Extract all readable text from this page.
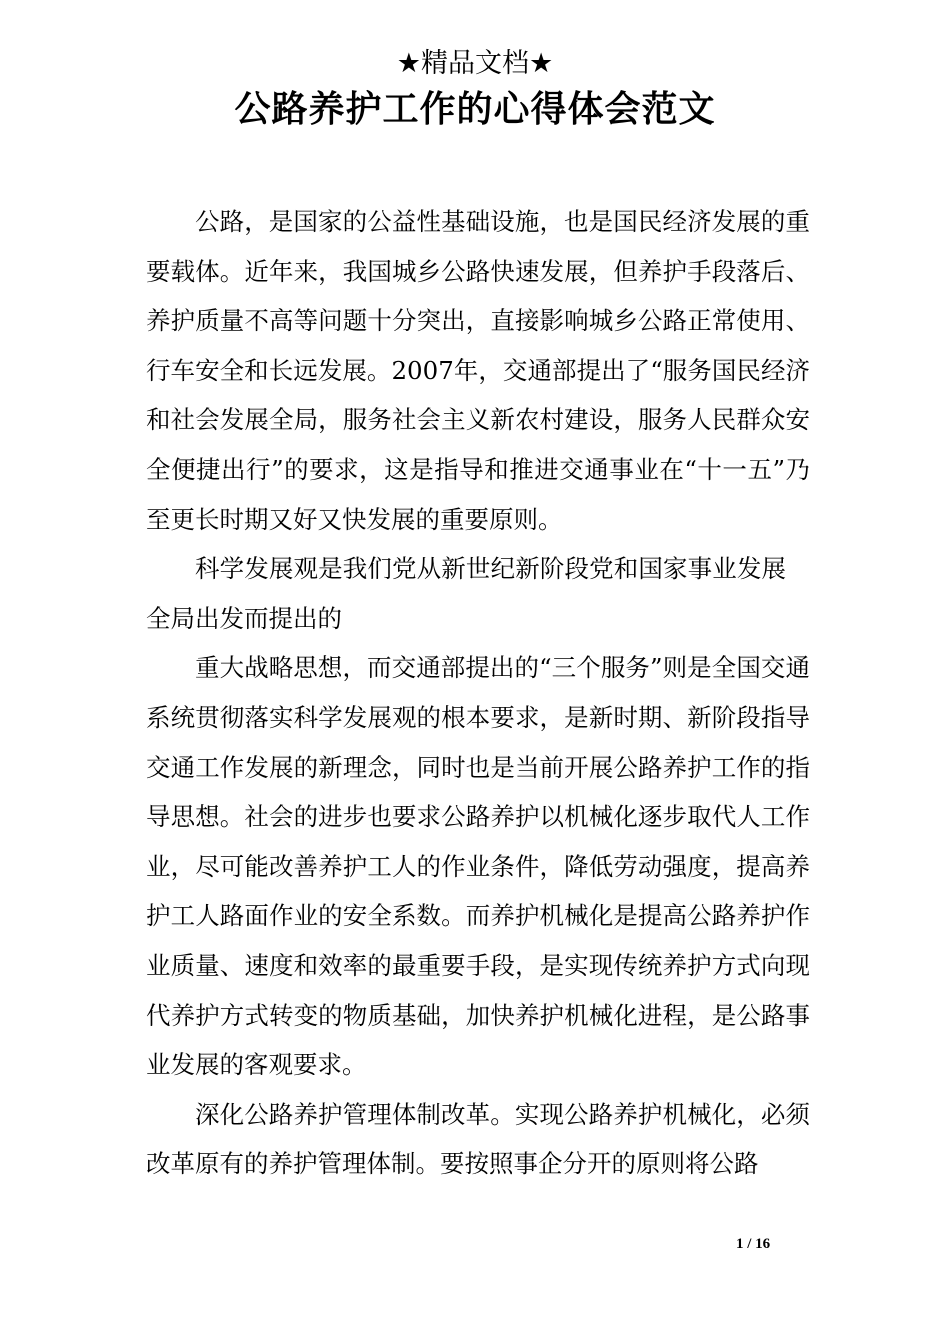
★精品文档★
公路养护工作的心得体会范文

公路，是国家的公益性基础设施，也是国民经济发展的重要载体。近年来，我国城乡公路快速发展，但养护手段落后、养护质量不高等问题十分突出，直接影响城乡公路正常使用、行车安全和长远发展。2007年，交通部提出了“服务国民经济和社会发展全局，服务社会主义新农村建设，服务人民群众安全便捷出行”的要求，这是指导和推进交通事业在“十一五”乃至更长时期又好又快发展的重要原则。

科学发展观是我们党从新世纪新阶段党和国家事业发展全局出发而提出的

重大战略思想，而交通部提出的“三个服务”则是全国交通系统贯彻落实科学发展观的根本要求，是新时期、新阶段指导交通工作发展的新理念，同时也是当前开展公路养护工作的指导思想。社会的进步也要求公路养护以机械化逐步取代人工作业，尽可能改善养护工人的作业条件，降低劳动强度，提高养护工人路面作业的安全系数。而养护机械化是提高公路养护作业质量、速度和效率的最重要手段，是实现传统养护方式向现代养护方式转变的物质基础，加快养护机械化进程，是公路事业发展的客观要求。

深化公路养护管理体制改革。实现公路养护机械化，必须改革原有的养护管理体制。要按照事企分开的原则将公路

1 / 16
